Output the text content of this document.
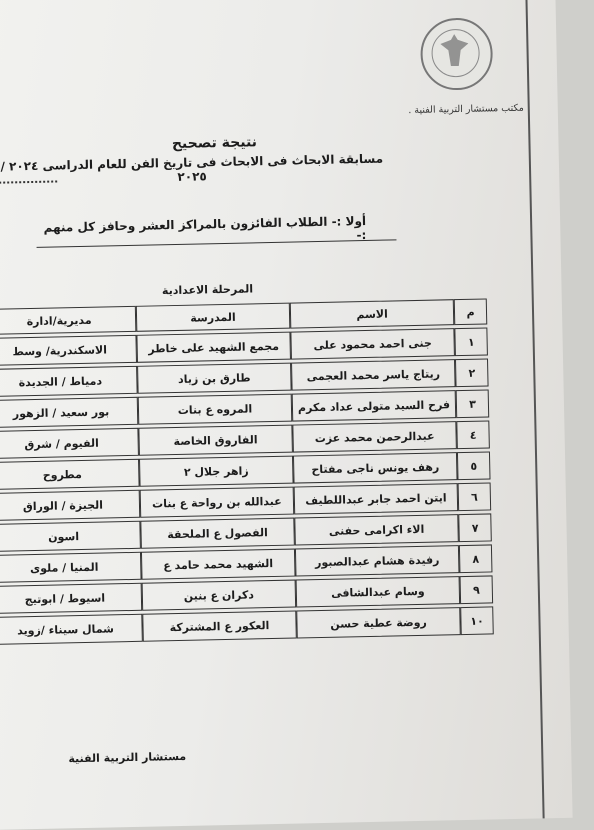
مكتب مستشار التربية الفنية .
نتيجة تصحيح
مسابقة الابحاث فى الابحاث فى تاريخ الفن للعام الدراسى ٢٠٢٤ / ٢٠٢٥
أولا :- الطلاب الفائزون بالمراكز العشر وحافز كل منهم :-
المرحلة الاعدادية
م	الاسم	المدرسة	مديرية/ادارة
١	جنى احمد محمود على	مجمع الشهيد على خاطر	الاسكندرية/ وسط
٢	ريتاج ياسر محمد العجمى	طارق بن زياد	دمياط / الجديدة
٣	فرح السيد متولى عداد مكرم	المروه ع بنات	بور سعيد / الزهور
٤	عبدالرحمن محمد عزت	الفاروق الخاصة	الفيوم / شرق
٥	رهف يونس ناجى مفتاح	زاهر جلال ٢	مطروح
٦	ايتن احمد جابر عبداللطيف	عبدالله بن رواحة ع بنات	الجيزة / الوراق
٧	الاء اكرامى حفنى	الفصول ع الملحقة	اسون
٨	رفيدة هشام عبدالصبور	الشهيد محمد حامد ع	المنيا / ملوى
٩	وسام عبدالشافى	دكران ع بنين	اسيوط / ابوتيج
١٠	روضة عطية حسن	العكور ع المشتركة	شمال سيناء /زويد
مستشار التربية الفنية
